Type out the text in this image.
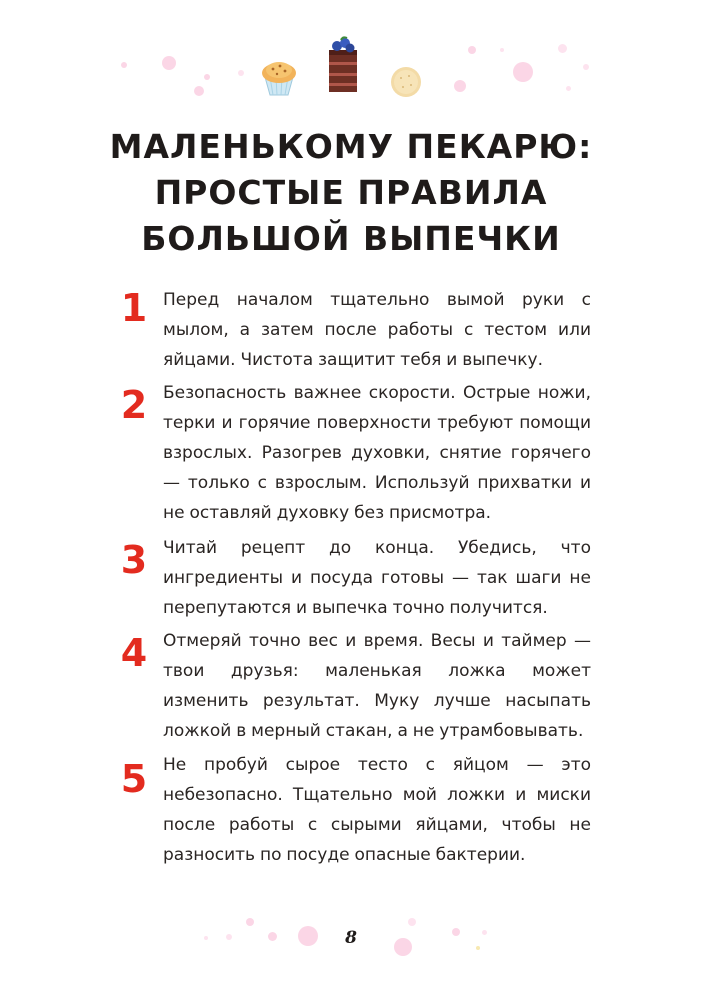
МАЛЕНЬКОМУ ПЕКАРЮ:
ПРОСТЫЕ ПРАВИЛА
БОЛЬШОЙ ВЫПЕЧКИ
1 Перед началом тщательно вымой руки с мылом, а затем после работы с тестом или яйцами. Чистота защитит тебя и выпечку.

2 Безопасность важнее скорости. Острые ножи, терки и горячие поверхности требуют помощи взрослых. Разогрев духовки, снятие горячего — только с взрослым. Используй прихватки и не оставляй духовку без присмотра.

3 Читай рецепт до конца. Убедись, что ингредиенты и посуда готовы — так шаги не перепутаются и выпечка точно получится.

4 Отмеряй точно вес и время. Весы и таймер — твои друзья: маленькая ложка может изменить результат. Муку лучше насыпать ложкой в мерный стакан, а не утрамбовывать.

5 Не пробуй сырое тесто с яйцом — это небезопасно. Тщательно мой ложки и миски после работы с сырыми яйцами, чтобы не разносить по посуде опасные бактерии.

8
